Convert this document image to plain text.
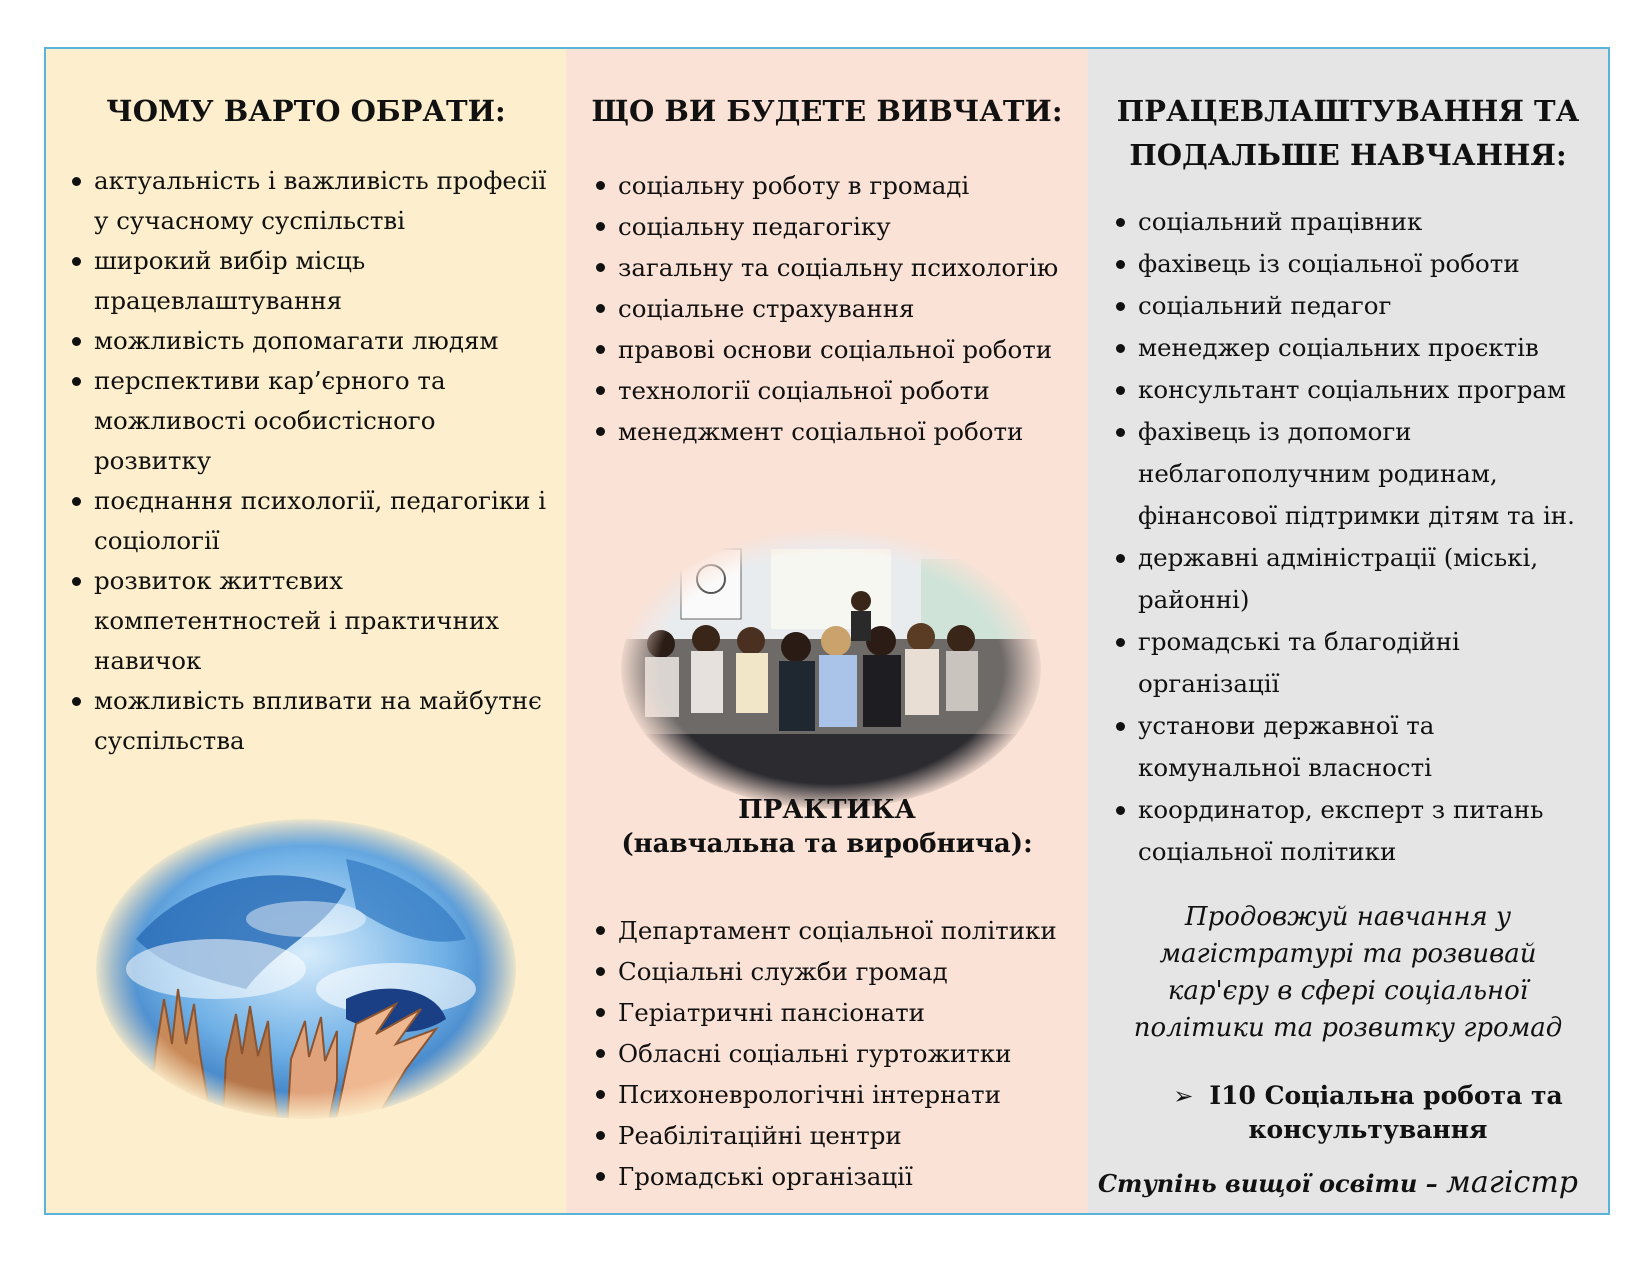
ЧОМУ ВАРТО ОБРАТИ:
актуальність і важливість професії у сучасному суспільстві
широкий вибір місць працевлаштування
можливість допомагати людям
перспективи кар’єрного та можливості особистісного розвитку
поєднання психології, педагогіки і соціології
розвиток життєвих компетентностей і практичних навичок
можливість впливати на майбутнє суспільства
ЩО ВИ БУДЕТЕ ВИВЧАТИ:
соціальну роботу в громаді
соціальну педагогіку
загальну та соціальну психологію
соціальне страхування
правові основи соціальної роботи
технології соціальної роботи
менеджмент соціальної роботи

ПРАКТИКА

(навчальна та виробнича):

Департамент соціальної політики
Соціальні служби громад
Геріатричні пансіонати
Обласні соціальні гуртожитки
Психоневрологічні інтернати
Реабілітаційні центри
Громадські організації
ПРАЦЕВЛАШТУВАННЯ ТА
ПОДАЛЬШЕ НАВЧАННЯ:
соціальний працівник
фахівець із соціальної роботи
соціальний педагог
менеджер соціальних проєктів
консультант соціальних програм
фахівець із допомоги неблагополучним родинам, фінансової підтримки дітям та ін.
державні адміністрації (міські, районні)
громадські та благодійні організації
установи державної та комунальної власності
координатор, експерт з питань соціальної політики

Продовжуй навчання у магістратурі та розвивай кар'єру в сфері соціальної політики та розвитку громад

➢ I10 Соціальна робота та

консультування

Ступінь вищої освіти – магістр
